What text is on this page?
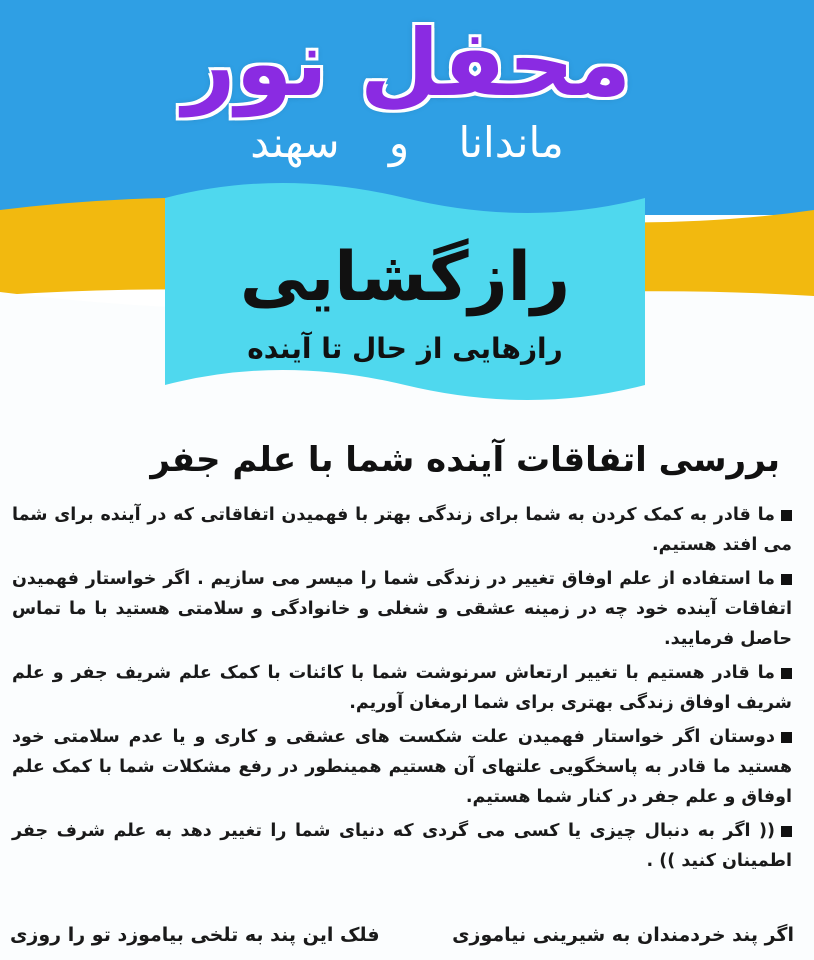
محفل نور
ماندانا و سهند
رازگشایی
رازهایی از حال تا آینده
بررسی اتفاقات آینده شما با علم جفر

ما قادر به کمک کردن به شما برای زندگی بهتر با فهمیدن اتفاقاتی که در آینده برای شما می افتد هستیم.

ما استفاده از علم اوفاق تغییر در زندگی شما را میسر می سازیم . اگر خواستار فهمیدن اتفاقات آینده خود چه در زمینه عشقی و شغلی و خانوادگی و سلامتی هستید با ما تماس حاصل فرمایید.

ما قادر هستیم با تغییر ارتعاش سرنوشت شما با کائنات با کمک علم شریف جفر و علم شریف اوفاق زندگی بهتری برای شما ارمغان آوریم.

دوستان اگر خواستار فهمیدن علت شکست های عشقی و کاری و یا عدم سلامتی خود هستید ما قادر به پاسخگویی علتهای آن هستیم همینطور در رفع مشکلات شما با کمک علم اوفاق و علم جفر در کنار شما هستیم.

(( اگر به دنبال چیزی یا کسی می گردی که دنیای شما را تغییر دهد به علم شرف جفر اطمینان کنید )) .

اگر پند خردمندان به شیرینی نیاموزی
فلک این پند به تلخی بیاموزد تو را روزی
